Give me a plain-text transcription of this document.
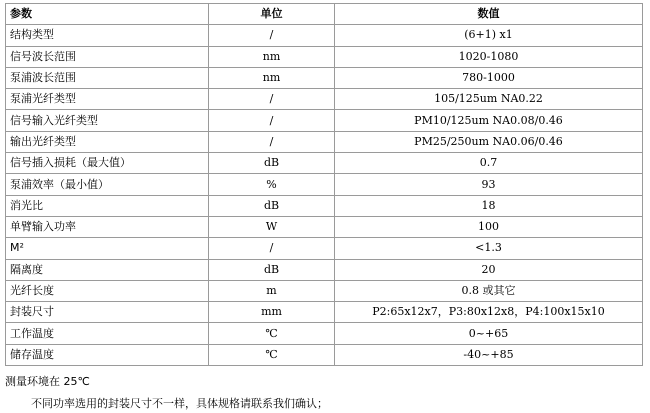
参数	单位	数值
结构类型	/	(6+1) x1
信号波长范围	nm	1020-1080
泵浦波长范围	nm	780-1000
泵浦光纤类型	/	105/125um NA0.22
信号输入光纤类型	/	PM10/125um NA0.08/0.46
输出光纤类型	/	PM25/250um NA0.06/0.46
信号插入损耗（最大值）	dB	0.7
泵浦效率（最小值）	%	93
消光比	dB	18
单臂输入功率	W	100
M²	/	<1.3
隔离度	dB	20
光纤长度	m	0.8 或其它
封装尺寸	mm	P2:65x12x7，P3:80x12x8，P4:100x15x10
工作温度	℃	0~+65
储存温度	℃	-40~+85
测量环境在 25℃
不同功率选用的封装尺寸不一样，具体规格请联系我们确认；
